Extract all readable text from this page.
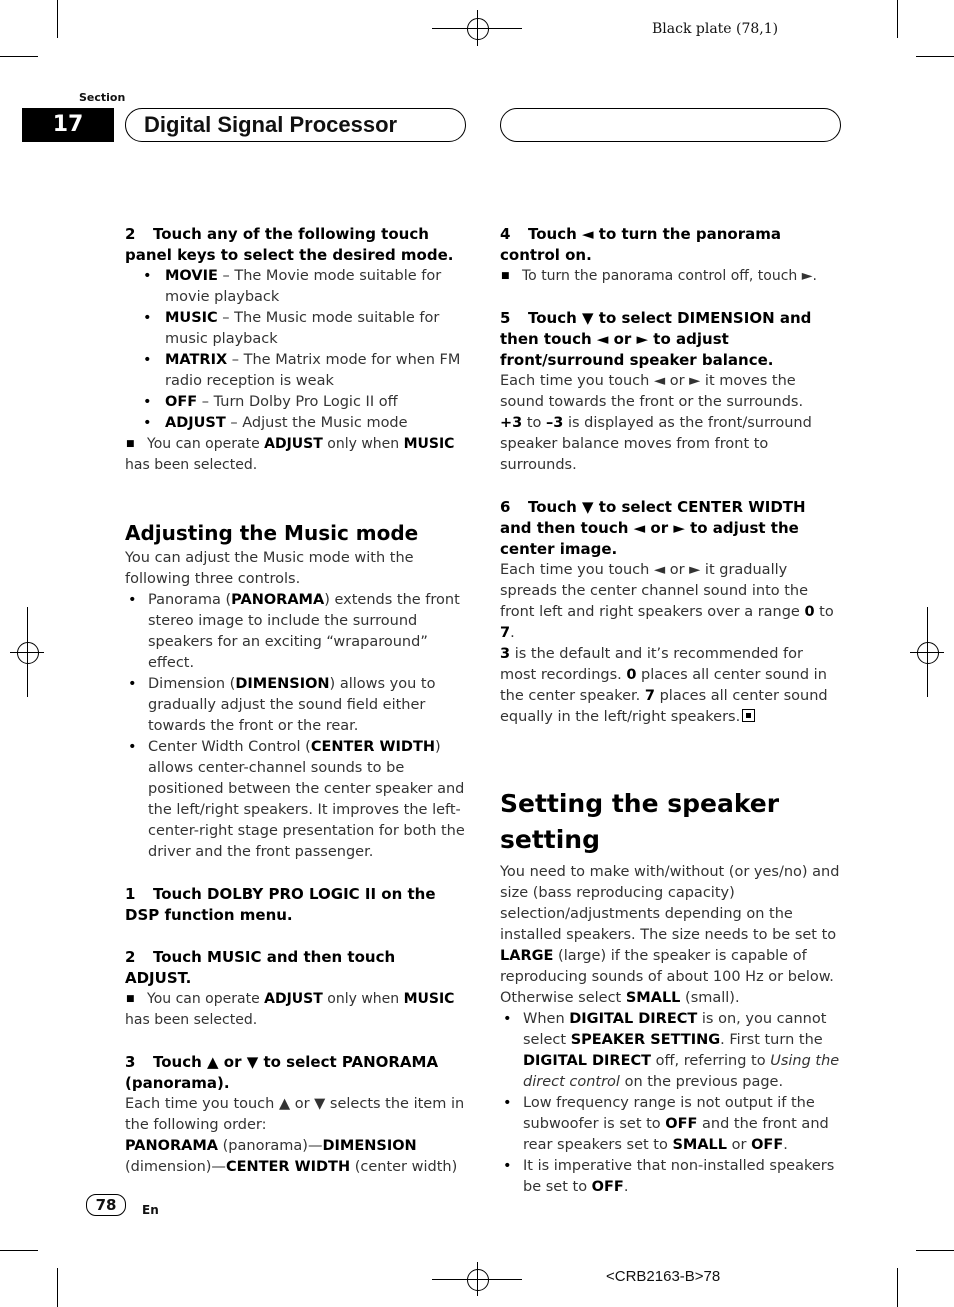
Black plate (78,1)
Section
17	Digital Signal Processor

2 Touch any of the following touch panel keys to select the desired mode.

• MOVIE – The Movie mode suitable for movie playback
• MUSIC – The Music mode suitable for music playback
• MATRIX – The Matrix mode for when FM radio reception is weak
• OFF – Turn Dolby Pro Logic II off
• ADJUST – Adjust the Music mode

■ You can operate ADJUST only when MUSIC

has been selected.

Adjusting the Music mode

You can adjust the Music mode with the following three controls.

• Panorama (PANORAMA) extends the front stereo image to include the surround speakers for an exciting “wraparound” effect.
• Dimension (DIMENSION) allows you to gradually adjust the sound field either towards the front or the rear.
• Center Width Control (CENTER WIDTH) allows center-channel sounds to be positioned between the center speaker and the left/right speakers. It improves the left-center-right stage presentation for both the driver and the front passenger.

1 Touch DOLBY PRO LOGIC II on the DSP function menu.

2 Touch MUSIC and then touch ADJUST.

■ You can operate ADJUST only when MUSIC

has been selected.

3 Touch ▲ or ▼ to select PANORAMA (panorama).

Each time you touch ▲ or ▼ selects the item in the following order:

PANORAMA (panorama)—DIMENSION (dimension)—CENTER WIDTH (center width)

4 Touch ◄ to turn the panorama control on.

■ To turn the panorama control off, touch ►.

5 Touch ▼ to select DIMENSION and then touch ◄ or ► to adjust front/surround speaker balance.

Each time you touch ◄ or ► it moves the sound towards the front or the surrounds.

+3 to –3 is displayed as the front/surround speaker balance moves from front to surrounds.

6 Touch ▼ to select CENTER WIDTH and then touch ◄ or ► to adjust the center image.

Each time you touch ◄ or ► it gradually spreads the center channel sound into the front left and right speakers over a range 0 to 7.

3 is the default and it’s recommended for most recordings. 0 places all center sound in the center speaker. 7 places all center sound equally in the left/right speakers.

Setting the speaker setting

You need to make with/without (or yes/no) and size (bass reproducing capacity) selection/adjustments depending on the installed speakers. The size needs to be set to LARGE (large) if the speaker is capable of reproducing sounds of about 100 Hz or below. Otherwise select SMALL (small).

• When DIGITAL DIRECT is on, you cannot select SPEAKER SETTING. First turn the DIGITAL DIRECT off, referring to Using the direct control on the previous page.
• Low frequency range is not output if the subwoofer is set to OFF and the front and rear speakers set to SMALL or OFF.
• It is imperative that non-installed speakers be set to OFF.
78	En
<CRB2163-B>78
